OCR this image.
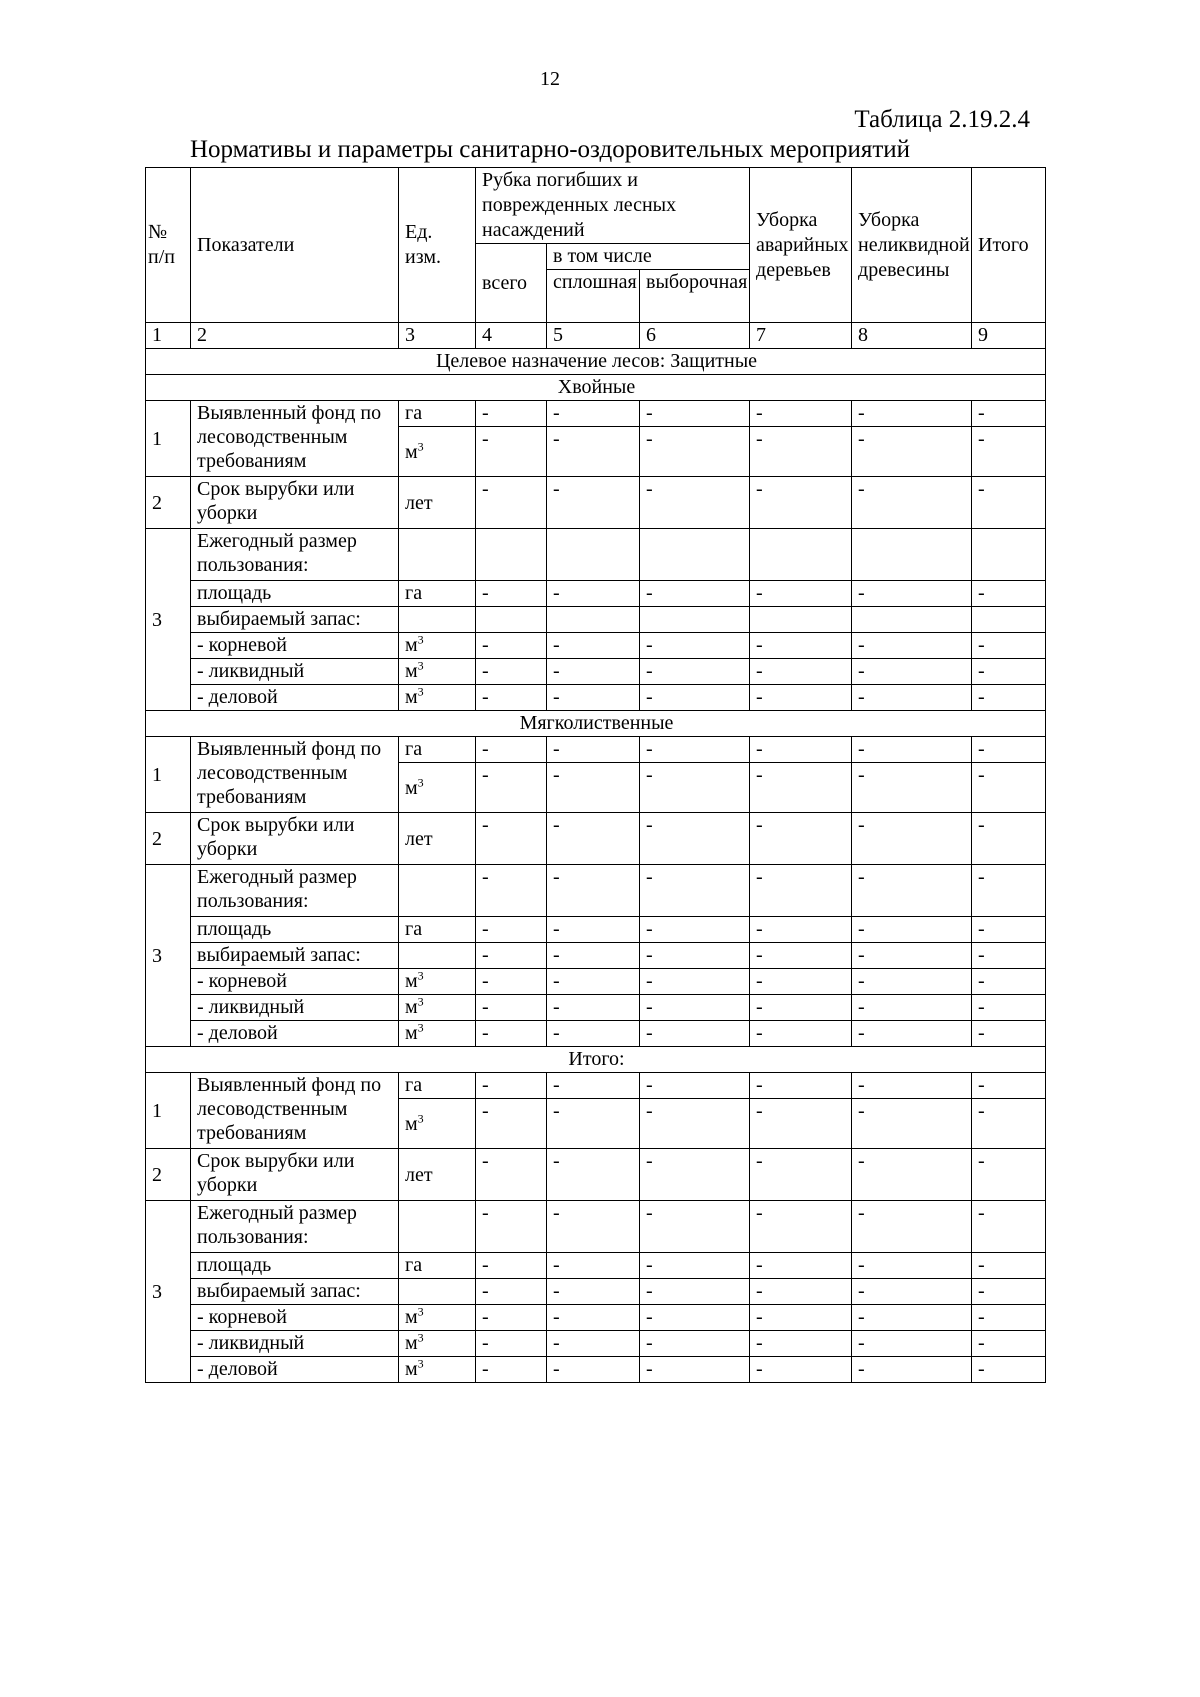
12
Таблица 2.19.2.4
Нормативы и параметры санитарно-оздоровительных мероприятий
№ п/п	Показатели	Ед. изм.	Рубка погибших и поврежденных лесных насаждений			Уборка аварийных деревьев	Уборка неликвидной древесины	Итого
			всего	в том числе				
				сплошная	выборочная			
1	2	3	4	5	6	7	8	9
Целевое назначение лесов: Защитные								
Хвойные								
1	Выявленный фонд по лесоводственным требованиям	га	-	-	-	-	-	-
		$м^3$	-	-	-	-	-	-
2	Срок вырубки или уборки	лет	-	-	-	-	-	-
3	Ежегодный размер пользования:							
	площадь	га	-	-	-	-	-	-
	выбираемый запас:							
	- корневой	$м^3$	-	-	-	-	-	-
	- ликвидный	$м^3$	-	-	-	-	-	-
	- деловой	$м^3$	-	-	-	-	-	-
Мягколиственные								
1	Выявленный фонд по лесоводственным требованиям	га	-	-	-	-	-	-
		$м^3$	-	-	-	-	-	-
2	Срок вырубки или уборки	лет	-	-	-	-	-	-
3	Ежегодный размер пользования:		-	-	-	-	-	-
	площадь	га	-	-	-	-	-	-
	выбираемый запас:		-	-	-	-	-	-
	- корневой	$м^3$	-	-	-	-	-	-
	- ликвидный	$м^3$	-	-	-	-	-	-
	- деловой	$м^3$	-	-	-	-	-	-
Итого:								
1	Выявленный фонд по лесоводственным требованиям	га	-	-	-	-	-	-
		$м^3$	-	-	-	-	-	-
2	Срок вырубки или уборки	лет	-	-	-	-	-	-
3	Ежегодный размер пользования:		-	-	-	-	-	-
	площадь	га	-	-	-	-	-	-
	выбираемый запас:		-	-	-	-	-	-
	- корневой	$м^3$	-	-	-	-	-	-
	- ликвидный	$м^3$	-	-	-	-	-	-
	- деловой	$м^3$	-	-	-	-	-	-
